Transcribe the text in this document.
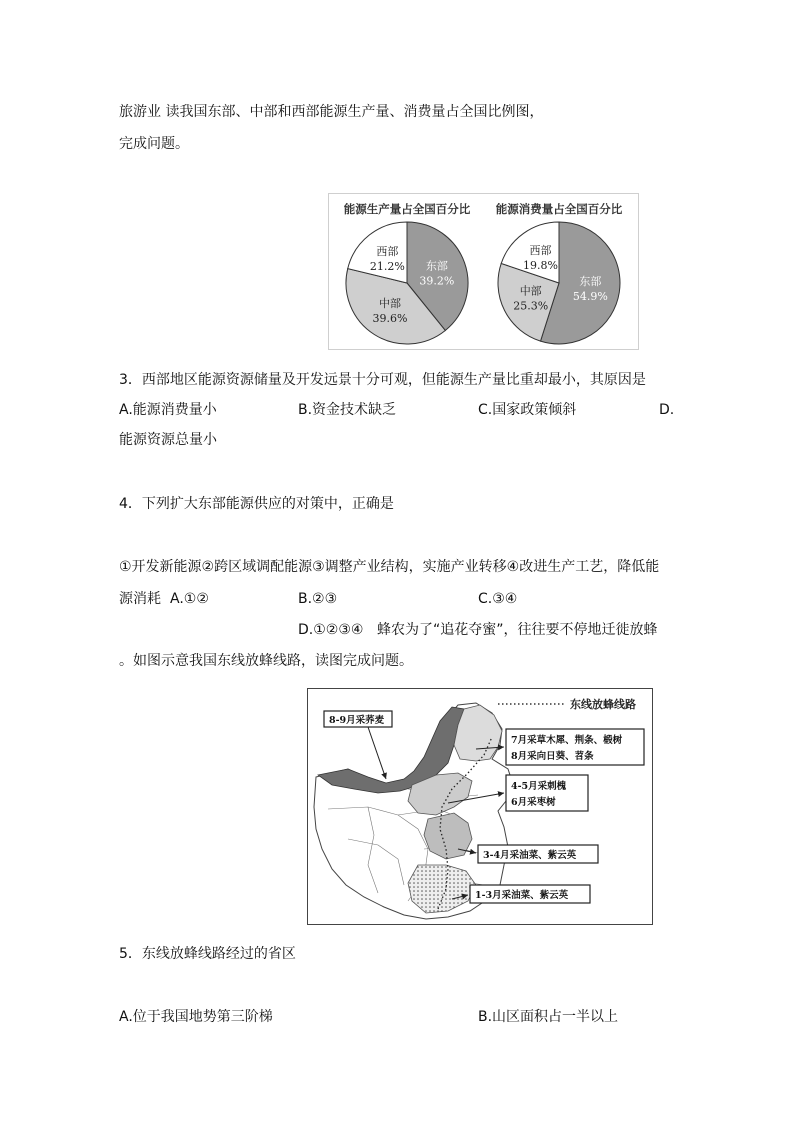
旅游业 读我国东部、中部和西部能源生产量、消费量占全国比例图，
完成问题。
能源生产量占全国百分比 能源消费量占全国百分比
东部
39.2%
中部
39.6%
西部
21.2%
东部
54.9%
中部
25.3%
西部
19.8%
3．西部地区能源资源储量及开发远景十分可观，但能源生产量比重却最小，其原因是
A.能源消费量小	B.资金技术缺乏	C.国家政策倾斜	D.
能源资源总量小
4．下列扩大东部能源供应的对策中，正确是
①开发新能源②跨区域调配能源③调整产业结构，实施产业转移④改进生产工艺，降低能
源消耗 A.①②	B.②③	C.③④
D.①②③④ 蜂农为了“追花夺蜜”，往往要不停地迁徙放蜂
。如图示意我国东线放蜂线路，读图完成问题。
东线放蜂线路
8-9月采荞麦
7月采草木犀、荆条、椴树
8月采向日葵、苕条
4-5月采刺槐
6月采枣树
3-4月采油菜、紫云英
1-3月采油菜、紫云英
5．东线放蜂线路经过的省区
A.位于我国地势第三阶梯	B.山区面积占一半以上
